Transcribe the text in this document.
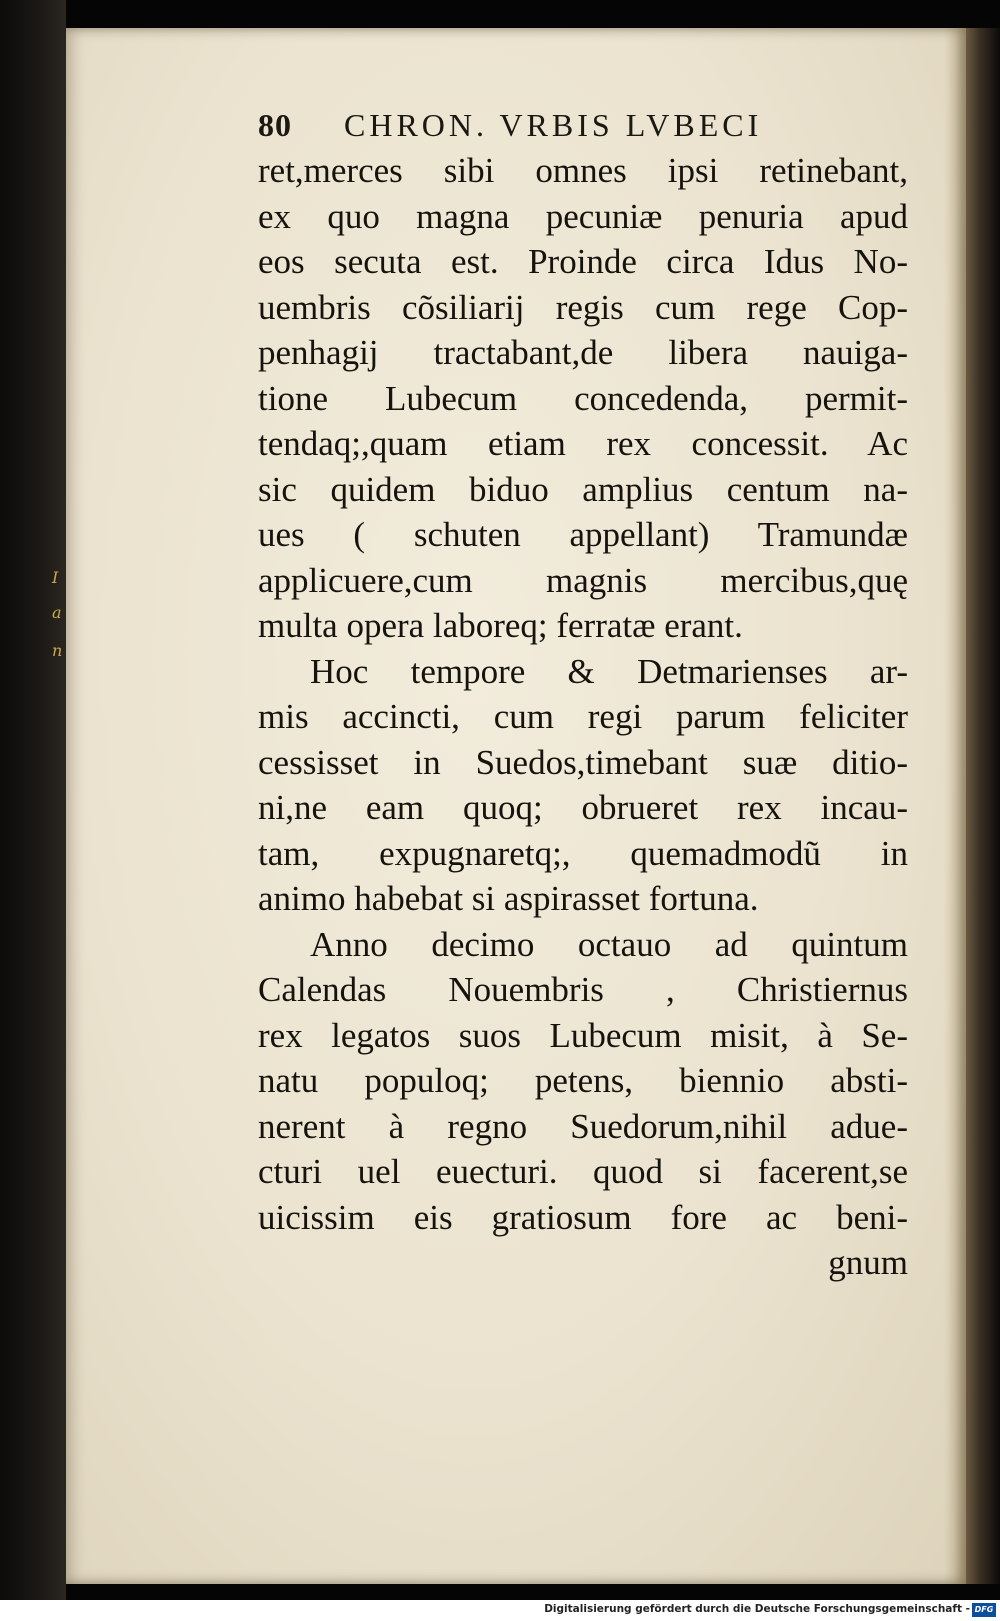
I
a
n
80 CHRON. VRBIS LVBECI
ret,merces sibi omnes ipsi retinebant,
ex quo magna pecuniæ penuria apud
eos secuta est. Proinde circa Idus No-
uembris cõsiliarij regis cum rege Cop-
penhagij tractabant,de libera nauiga-
tione Lubecum concedenda, permit-
tendaq;,quam etiam rex concessit. Ac
sic quidem biduo amplius centum na-
ues ( schuten appellant) Tramundæ
applicuere,cum magnis mercibus,quę
multa opera laboreq; ferratæ erant.
Hoc tempore & Detmarienses ar-
mis accincti, cum regi parum feliciter
cessisset in Suedos,timebant suæ ditio-
ni,ne eam quoq; obrueret rex incau-
tam, expugnaretq;, quemadmodũ in
animo habebat si aspirasset fortuna.
Anno decimo octauo ad quintum
Calendas Nouembris , Christiernus
rex legatos suos Lubecum misit, à Se-
natu populoq; petens, biennio absti-
nerent à regno Suedorum,nihil adue-
cturi uel euecturi. quod si facerent,se
uicissim eis gratiosum fore ac beni-
gnum
Digitalisierung gefördert durch die Deutsche Forschungsgemeinschaft - DFG
